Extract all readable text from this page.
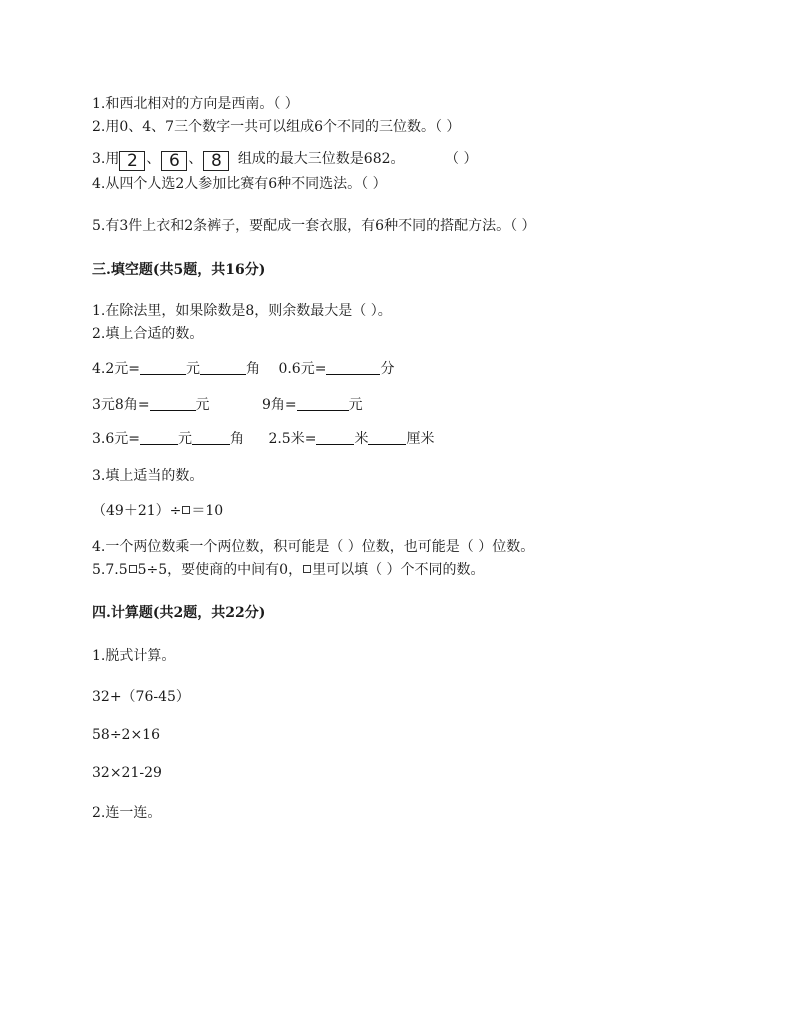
1.和西北相对的方向是西南。（ ）
2.用0、4、7三个数字一共可以组成6个不同的三位数。（ ）
3.用 2 、 6 、 8 组成的最大三位数是682。	（ ）
4.从四个人选2人参加比赛有6种不同选法。（ ）
5.有3件上衣和2条裤子，要配成一套衣服，有6种不同的搭配方法。（ ）
三.填空题(共5题，共16分)
1.在除法里，如果除数是8，则余数最大是（ ）。
2.填上合适的数。
4.2元=	元	角 0.6元=	分
3元8角=	元	9角=	元
3.6元=	元	角 2.5米=	米	厘米
3.填上适当的数。
（49＋21）÷ ＝10
4.一个两位数乘一个两位数，积可能是（ ）位数，也可能是（ ）位数。
5.7.5 5÷5，要使商的中间有0， 里可以填（ ）个不同的数。
四.计算题(共2题，共22分)
1.脱式计算。
32+（76-45）
58÷2×16
32×21-29
2.连一连。
